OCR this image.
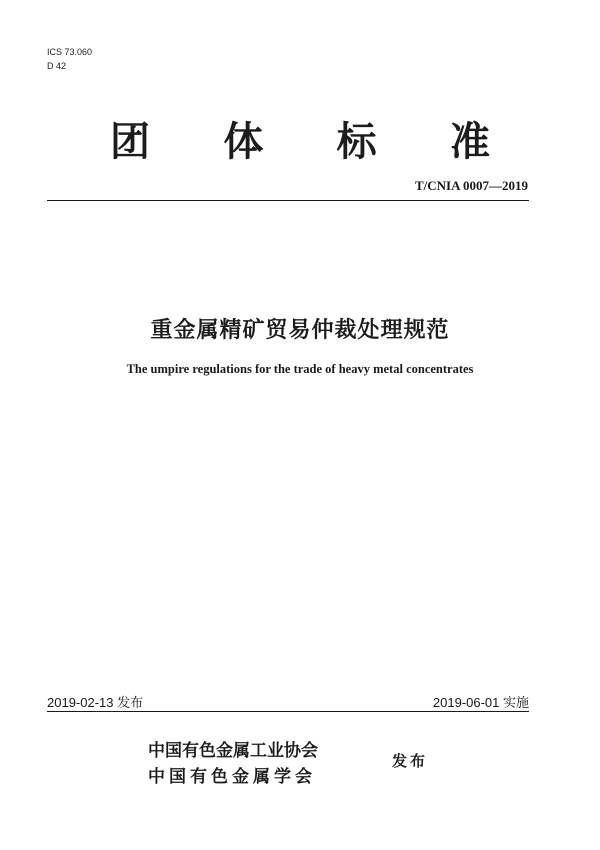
ICS 73.060
D 42
团 体 标 准
T/CNIA 0007—2019
重金属精矿贸易仲裁处理规范
The umpire regulations for the trade of heavy metal concentrates
2019-02-13 发布	2019-06-01 实施
中国有色金属工业协会
中国有色金属学会
发布
